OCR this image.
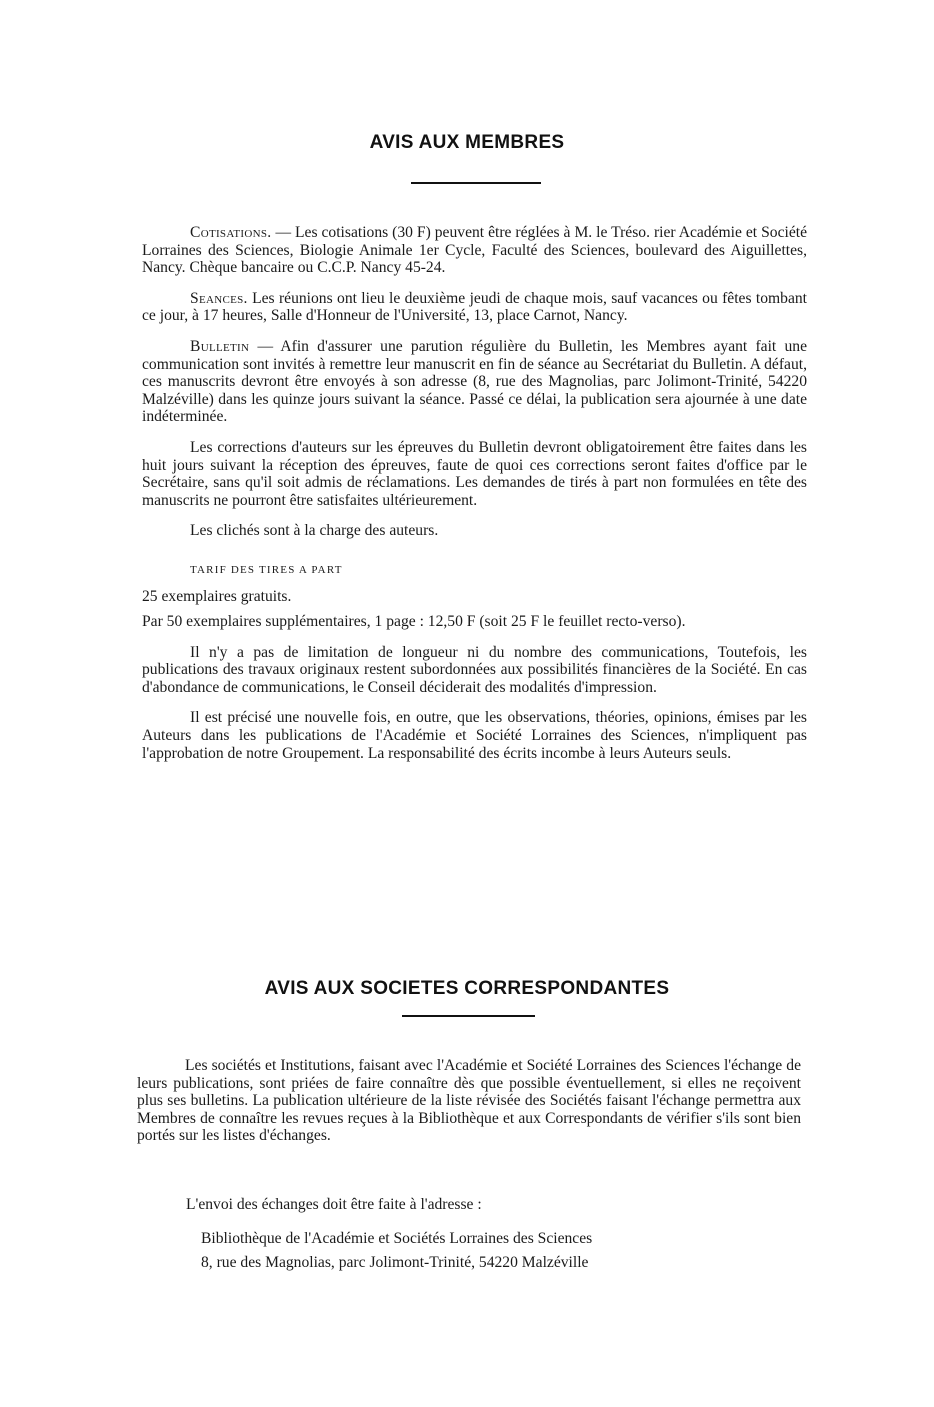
AVIS AUX MEMBRES

Cotisations. — Les cotisations (30 F) peuvent être réglées à M. le Tréso. rier Académie et Société Lorraines des Sciences, Biologie Animale 1er Cycle, Faculté des Sciences, boulevard des Aiguillettes, Nancy. Chèque bancaire ou C.C.P. Nancy 45-24.

Seances. Les réunions ont lieu le deuxième jeudi de chaque mois, sauf vacances ou fêtes tombant ce jour, à 17 heures, Salle d'Honneur de l'Université, 13, place Carnot, Nancy.

Bulletin — Afin d'assurer une parution régulière du Bulletin, les Membres ayant fait une communication sont invités à remettre leur manuscrit en fin de séance au Secrétariat du Bulletin. A défaut, ces manuscrits devront être envoyés à son adresse (8, rue des Magnolias, parc Jolimont-Trinité, 54220 Malzéville) dans les quinze jours suivant la séance. Passé ce délai, la publication sera ajournée à une date indéterminée.

Les corrections d'auteurs sur les épreuves du Bulletin devront obligatoirement être faites dans les huit jours suivant la réception des épreuves, faute de quoi ces corrections seront faites d'office par le Secrétaire, sans qu'il soit admis de réclamations. Les demandes de tirés à part non formulées en tête des manuscrits ne pourront être satisfaites ultérieurement.

Les clichés sont à la charge des auteurs.

TARIF DES TIRES A PART

25 exemplaires gratuits.

Par 50 exemplaires supplémentaires, 1 page : 12,50 F (soit 25 F le feuillet recto-verso).

Il n'y a pas de limitation de longueur ni du nombre des communications, Toutefois, les publications des travaux originaux restent subordonnées aux possibilités financières de la Société. En cas d'abondance de communications, le Conseil déciderait des modalités d'impression.

Il est précisé une nouvelle fois, en outre, que les observations, théories, opinions, émises par les Auteurs dans les publications de l'Académie et Société Lorraines des Sciences, n'impliquent pas l'approbation de notre Groupement. La responsabilité des écrits incombe à leurs Auteurs seuls.

AVIS AUX SOCIETES CORRESPONDANTES

Les sociétés et Institutions, faisant avec l'Académie et Société Lorraines des Sciences l'échange de leurs publications, sont priées de faire connaître dès que possible éventuellement, si elles ne reçoivent plus ses bulletins. La publication ultérieure de la liste révisée des Sociétés faisant l'échange permettra aux Membres de connaître les revues reçues à la Bibliothèque et aux Correspondants de vérifier s'ils sont bien portés sur les listes d'échanges.

L'envoi des échanges doit être faite à l'adresse :

Bibliothèque de l'Académie et Sociétés Lorraines des Sciences

8, rue des Magnolias, parc Jolimont-Trinité, 54220 Malzéville
